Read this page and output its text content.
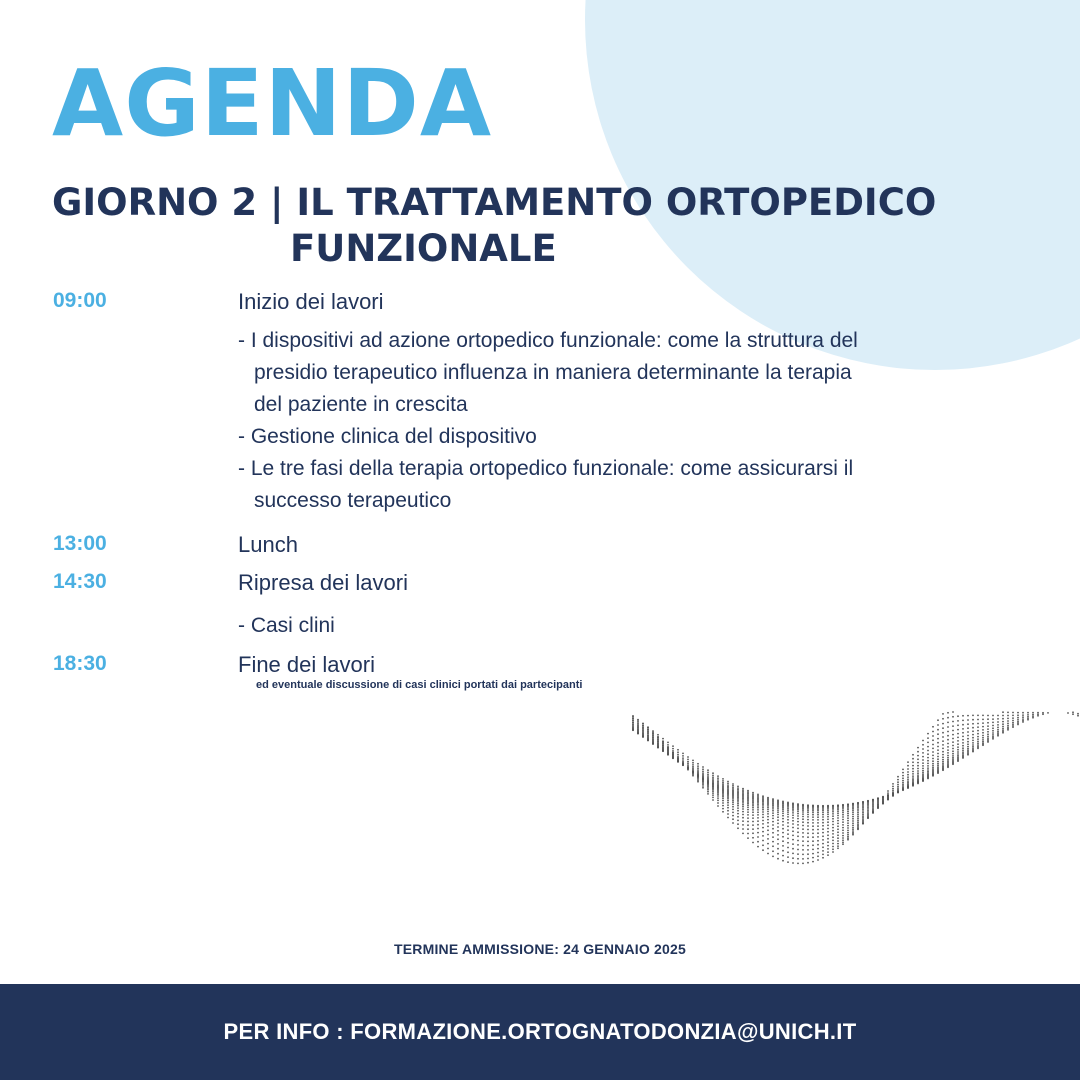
AGENDA
GIORNO 2 | IL TRATTAMENTO ORTOPEDICO
FUNZIONALE
09:00	Inizio dei lavori
- I dispositivi ad azione ortopedico funzionale: come la struttura del presidio terapeutico influenza in maniera determinante la terapia del paziente in crescita
- Gestione clinica del dispositivo
- Le tre fasi della terapia ortopedico funzionale: come assicurarsi il successo terapeutico
13:00	Lunch
14:30	Ripresa dei lavori
- Casi clini
18:30	Fine dei lavori
ed eventuale discussione di casi clinici portati dai partecipanti
TERMINE AMMISSIONE: 24 GENNAIO 2025
PER INFO : FORMAZIONE.ORTOGNATODONZIA@UNICH.IT
